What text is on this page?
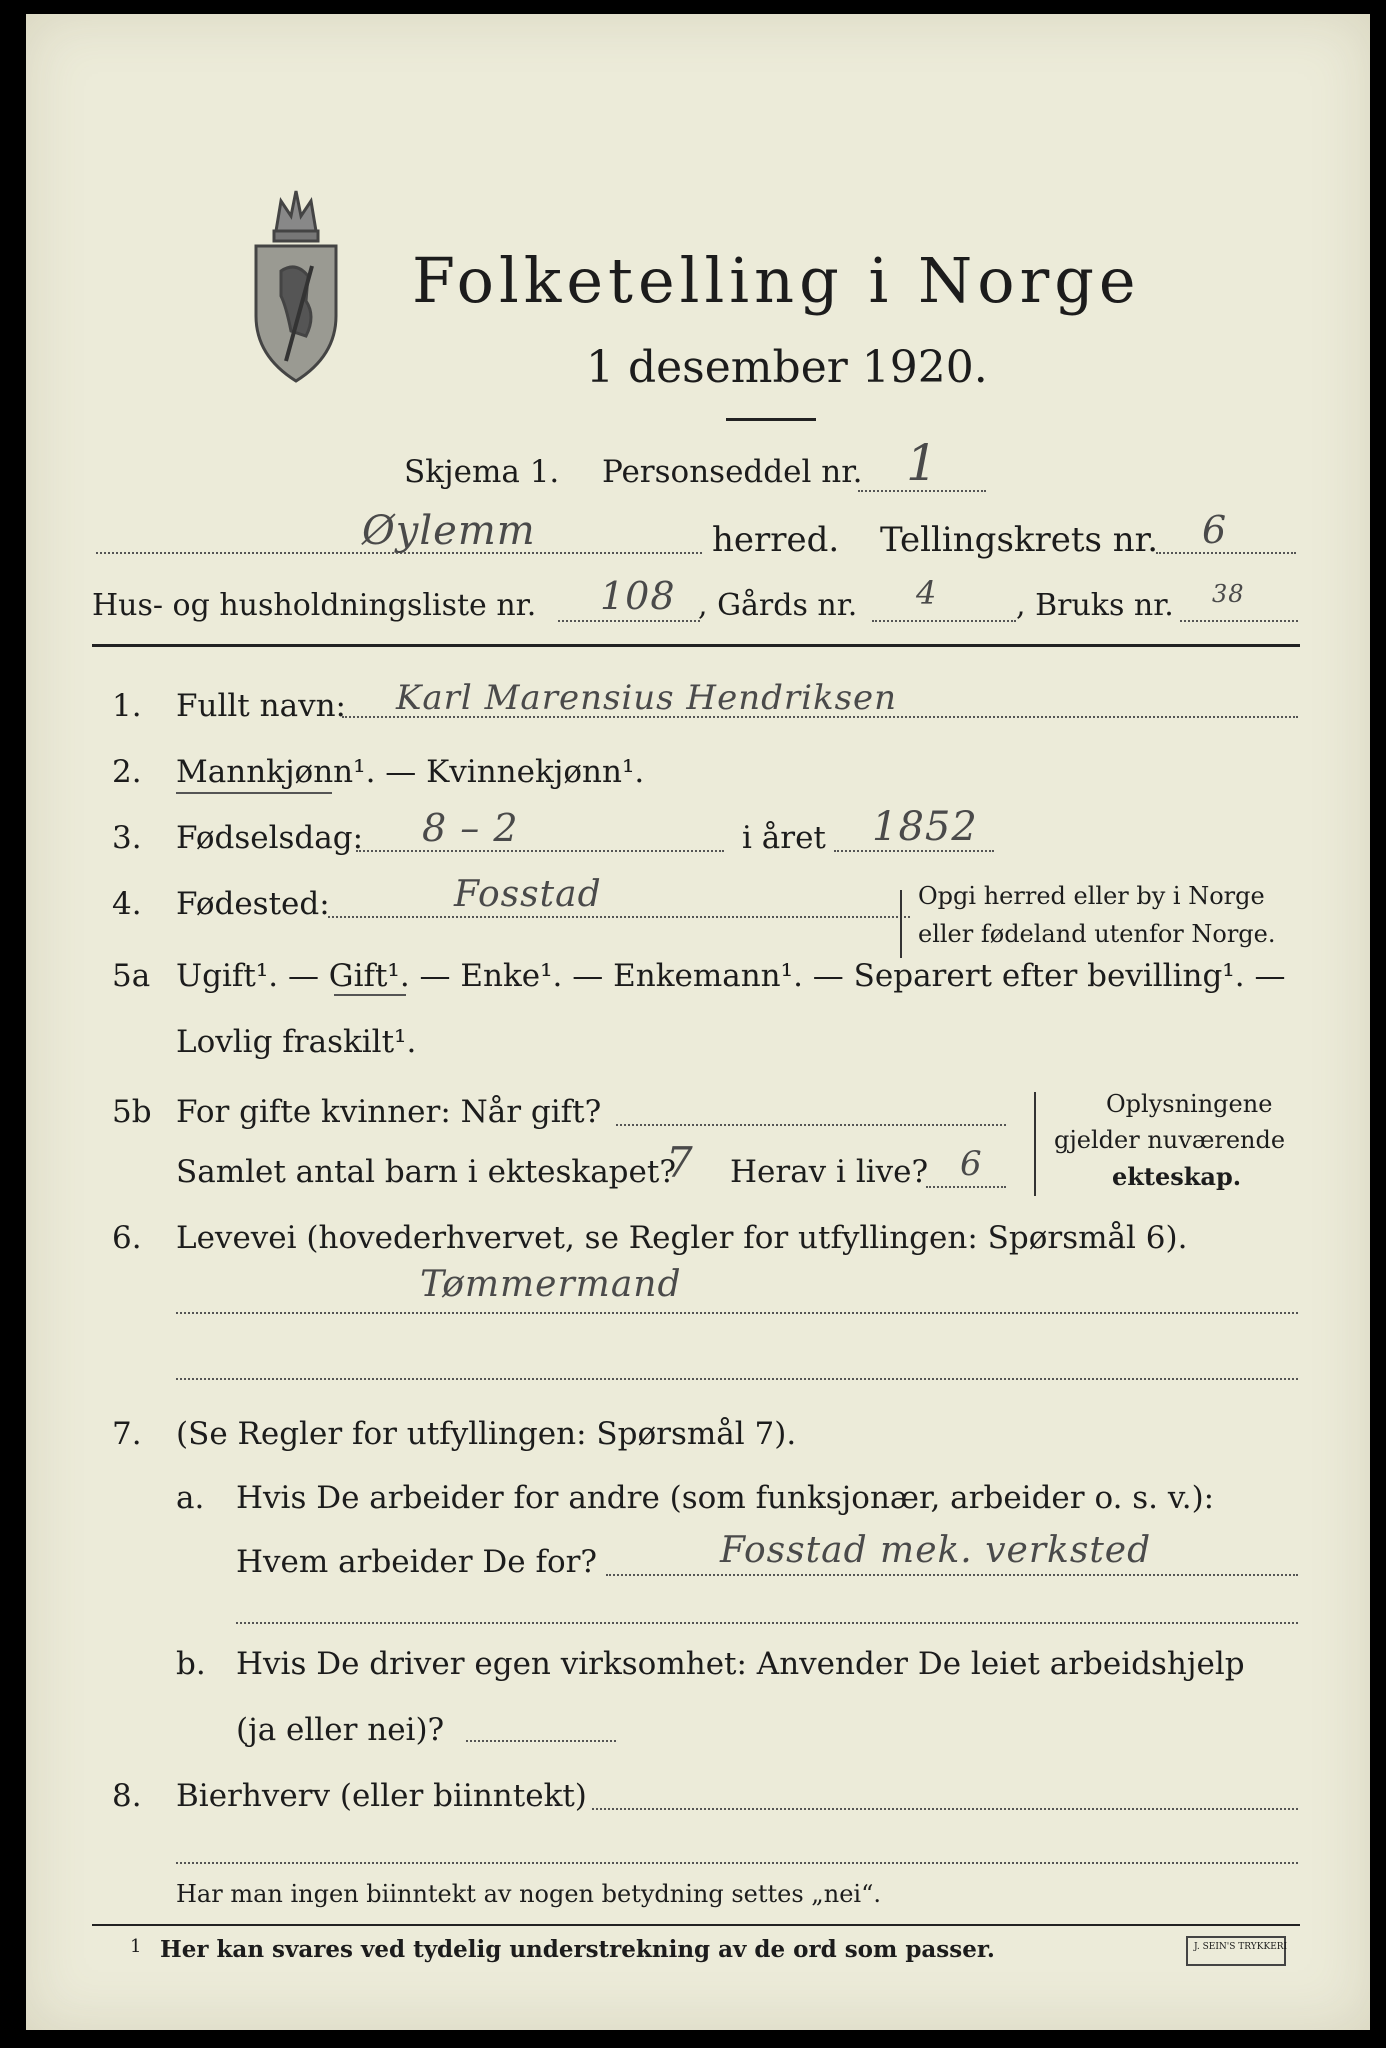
Folketelling i Norge
1 desember 1920.
Skjema 1. Personseddel nr. 1
Øylemm	herred. Tellingskrets nr. 6
Hus- og husholdningsliste nr. 108 , Gårds nr. 4	, Bruks nr. 38
1. Fullt navn: Karl Marensius Hendriksen
2. Mannkjønn¹. — Kvinnekjønn¹.
3. Fødselsdag: 8 – 2	i året 1852
4. Fødested:	Fosstad	Opgi herred eller by i Norge
eller fødeland utenfor Norge.
5a Ugift¹. — Gift¹. — Enke¹. — Enkemann¹. — Separert efter bevilling¹. —
Lovlig fraskilt¹.
5b For gifte kvinner: Når gift?
Samlet antal barn i ekteskapet?
7 Herav i live? 6
Oplysningene
gjelder nuværende
ekteskap.
6. Levevei (hovederhvervet, se Regler for utfyllingen: Spørsmål 6).
Tømmermand
7. (Se Regler for utfyllingen: Spørsmål 7).
a. Hvis De arbeider for andre (som funksjonær, arbeider o. s. v.):
Hvem arbeider De for?	Fosstad mek. verksted
b. Hvis De driver egen virksomhet: Anvender De leiet arbeidshjelp
(ja eller nei)?
8. Bierhverv (eller biinntekt)
Har man ingen biinntekt av nogen betydning settes „nei“.
1 Her kan svares ved tydelig understrekning av de ord som passer.	J. SEIN'S TRYKKERI
